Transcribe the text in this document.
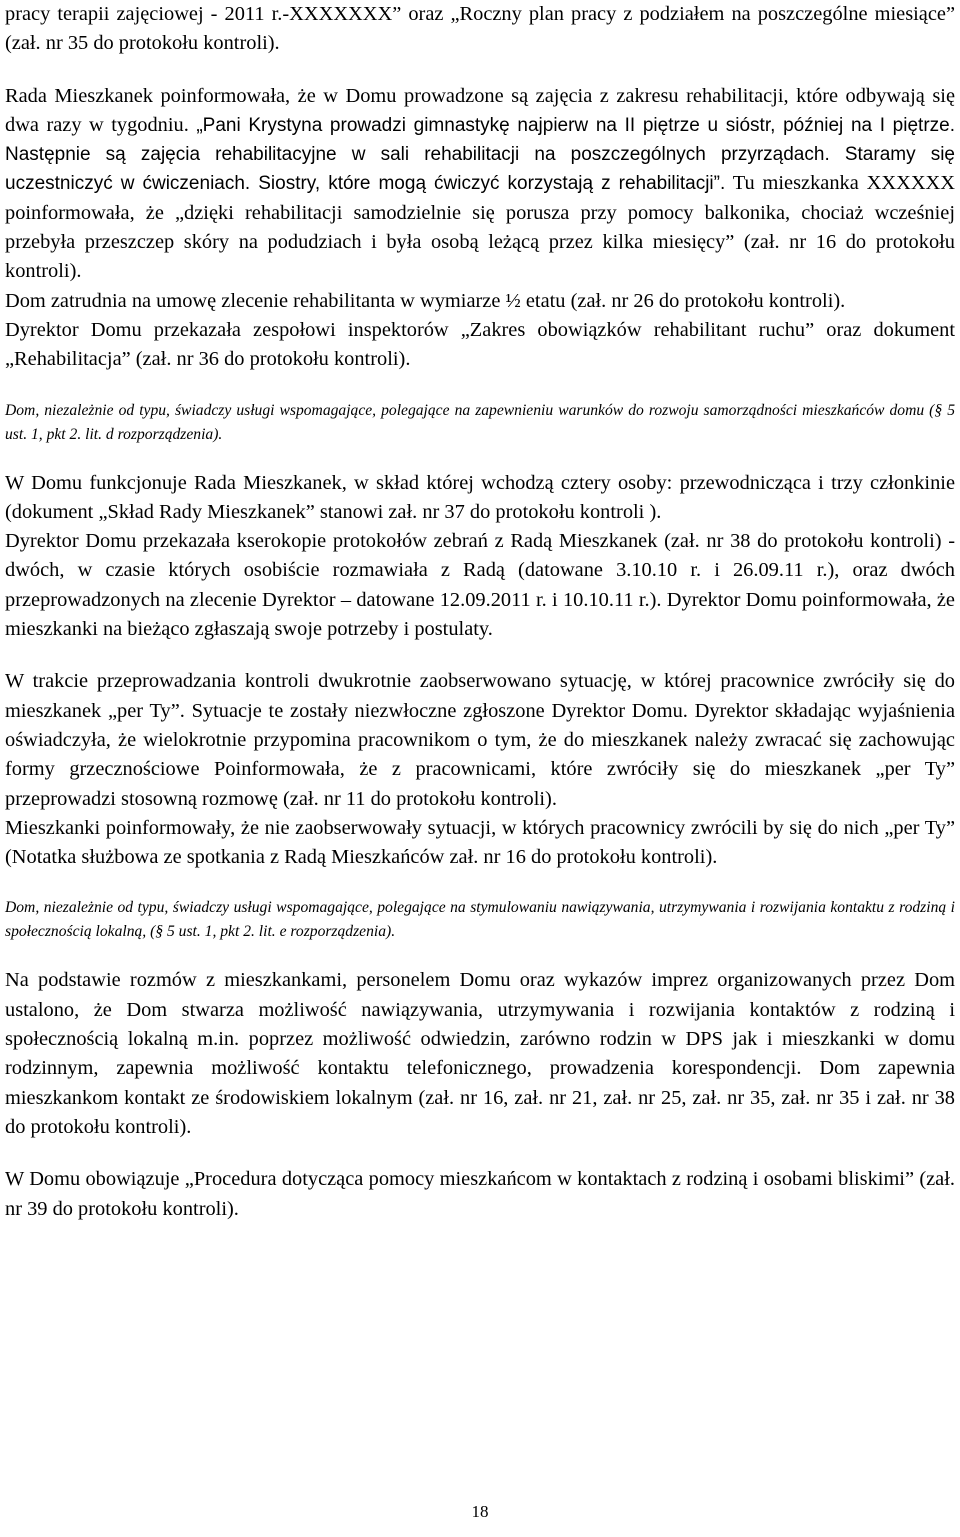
pracy terapii zajęciowej - 2011 r.-XXXXXXX” oraz „Roczny plan pracy z podziałem na poszczególne miesiące” (zał. nr 35 do protokołu kontroli).

Rada Mieszkanek poinformowała, że w Domu prowadzone są zajęcia z zakresu rehabilitacji, które odbywają się dwa razy w tygodniu. „Pani Krystyna prowadzi gimnastykę najpierw na II piętrze u sióstr, później na I piętrze. Następnie są zajęcia rehabilitacyjne w sali rehabilitacji na poszczególnych przyrządach. Staramy się uczestniczyć w ćwiczeniach. Siostry, które mogą ćwiczyć korzystają z rehabilitacji”. Tu mieszkanka XXXXXX poinformowała, że „dzięki rehabilitacji samodzielnie się porusza przy pomocy balkonika, chociaż wcześniej przebyła przeszczep skóry na podudziach i była osobą leżącą przez kilka miesięcy” (zał. nr 16 do protokołu kontroli).

Dom zatrudnia na umowę zlecenie rehabilitanta w wymiarze ½ etatu (zał. nr 26 do protokołu kontroli).

Dyrektor Domu przekazała zespołowi inspektorów „Zakres obowiązków rehabilitant ruchu” oraz dokument „Rehabilitacja” (zał. nr 36 do protokołu kontroli).

Dom, niezależnie od typu, świadczy usługi wspomagające, polegające na zapewnieniu warunków do rozwoju samorządności mieszkańców domu (§ 5 ust. 1, pkt 2. lit. d rozporządzenia).

W Domu funkcjonuje Rada Mieszkanek, w skład której wchodzą cztery osoby: przewodnicząca i trzy członkinie (dokument „Skład Rady Mieszkanek” stanowi zał. nr 37 do protokołu kontroli ).

Dyrektor Domu przekazała kserokopie protokołów zebrań z Radą Mieszkanek (zał. nr 38 do protokołu kontroli) - dwóch, w czasie których osobiście rozmawiała z Radą (datowane 3.10.10 r. i 26.09.11 r.), oraz dwóch przeprowadzonych na zlecenie Dyrektor – datowane 12.09.2011 r. i 10.10.11 r.). Dyrektor Domu poinformowała, że mieszkanki na bieżąco zgłaszają swoje potrzeby i postulaty.

W trakcie przeprowadzania kontroli dwukrotnie zaobserwowano sytuację, w której pracownice zwróciły się do mieszkanek „per Ty”. Sytuacje te zostały niezwłoczne zgłoszone Dyrektor Domu. Dyrektor składając wyjaśnienia oświadczyła, że wielokrotnie przypomina pracownikom o tym, że do mieszkanek należy zwracać się zachowując formy grzecznościowe Poinformowała, że z pracownicami, które zwróciły się do mieszkanek „per Ty” przeprowadzi stosowną rozmowę (zał. nr 11 do protokołu kontroli).

Mieszkanki poinformowały, że nie zaobserwowały sytuacji, w których pracownicy zwrócili by się do nich „per Ty” (Notatka służbowa ze spotkania z Radą Mieszkańców zał. nr 16 do protokołu kontroli).

Dom, niezależnie od typu, świadczy usługi wspomagające, polegające na stymulowaniu nawiązywania, utrzymywania i rozwijania kontaktu z rodziną i społecznością lokalną, (§ 5 ust. 1, pkt 2. lit. e rozporządzenia).

Na podstawie rozmów z mieszkankami, personelem Domu oraz wykazów imprez organizowanych przez Dom ustalono, że Dom stwarza możliwość nawiązywania, utrzymywania i rozwijania kontaktów z rodziną i społecznością lokalną m.in. poprzez możliwość odwiedzin, zarówno rodzin w DPS jak i mieszkanki w domu rodzinnym, zapewnia możliwość kontaktu telefonicznego, prowadzenia korespondencji. Dom zapewnia mieszkankom kontakt ze środowiskiem lokalnym (zał. nr 16, zał. nr 21, zał. nr 25, zał. nr 35, zał. nr 35 i zał. nr 38 do protokołu kontroli).

W Domu obowiązuje „Procedura dotycząca pomocy mieszkańcom w kontaktach z rodziną i osobami bliskimi” (zał. nr 39 do protokołu kontroli).

18
